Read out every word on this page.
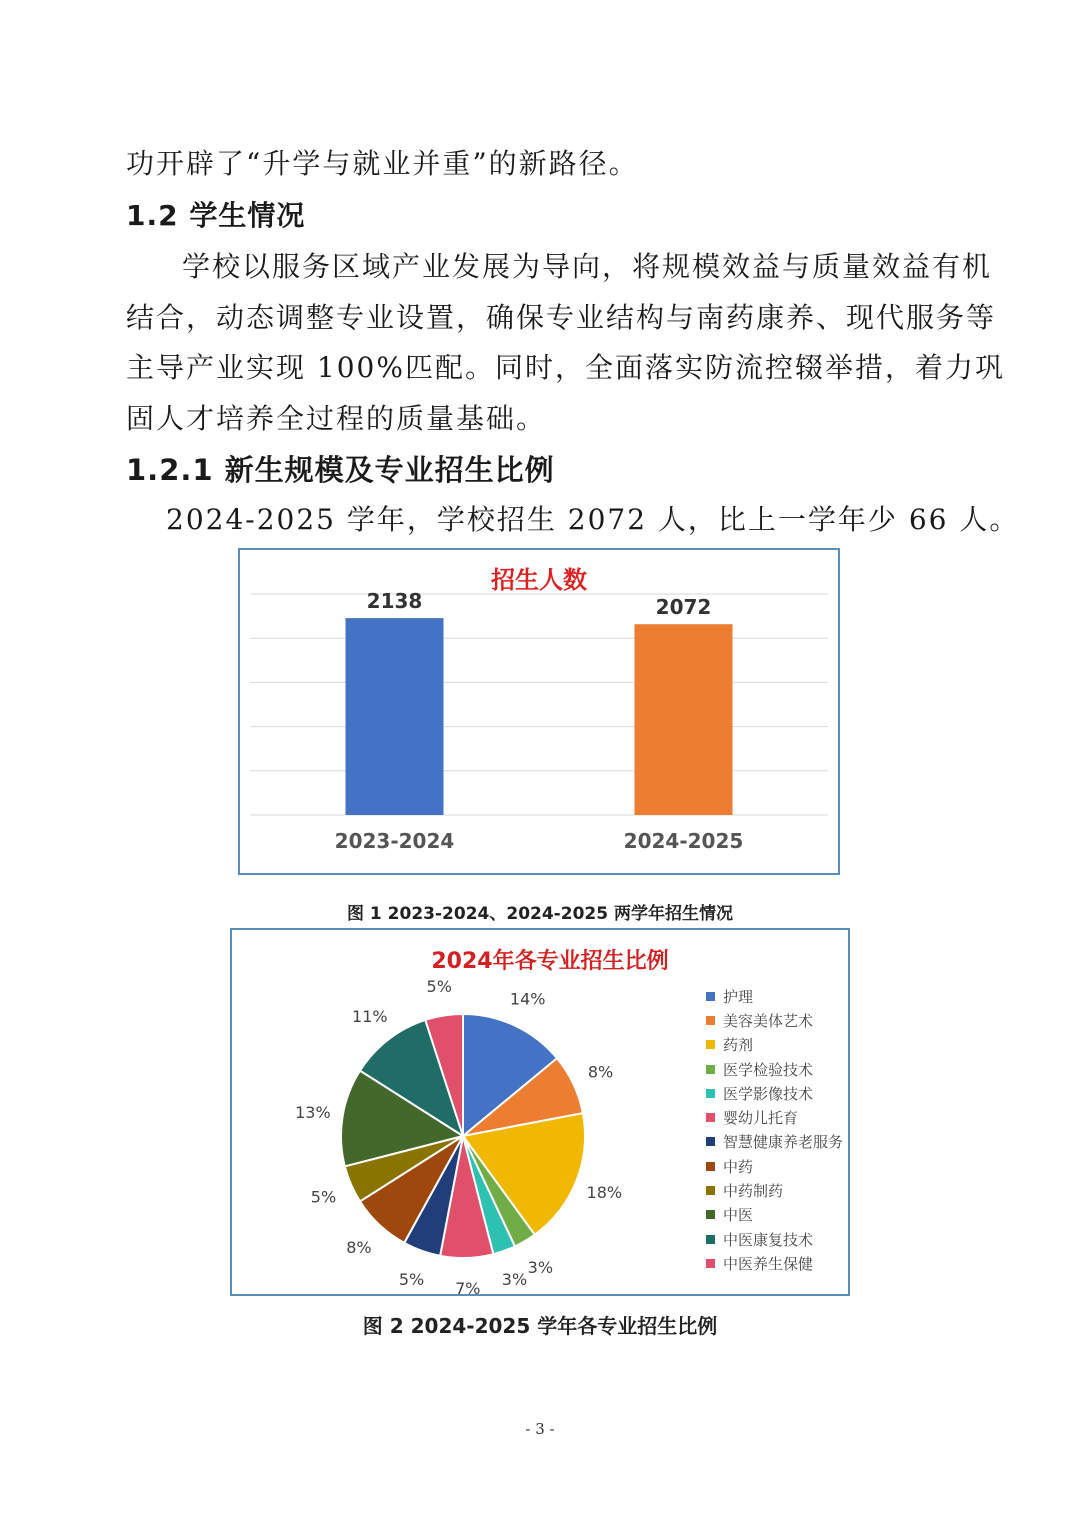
功开辟了“升学与就业并重”的新路径。
1.2 学生情况
学校以服务区域产业发展为导向，将规模效益与质量效益有机
结合，动态调整专业设置，确保专业结构与南药康养、现代服务等
主导产业实现 100%匹配。同时，全面落实防流控辍举措，着力巩
固人才培养全过程的质量基础。
1.2.1 新生规模及专业招生比例
2024-2025 学年，学校招生 2072 人，比上一学年少 66 人。
招生人数
2138
2023-2024
2072
2024-2025
图 1 2023-2024、2024-2025 两学年招生情况
2024年各专业招生比例
14%
8%
18%
3%
3%
7%
5%
8%
5%
13%
11%
5%
护理
美容美体艺术
药剂
医学检验技术
医学影像技术
婴幼儿托育
智慧健康养老服务
中药
中药制药
中医
中医康复技术
中医养生保健
图 2 2024-2025 学年各专业招生比例
- 3 -
